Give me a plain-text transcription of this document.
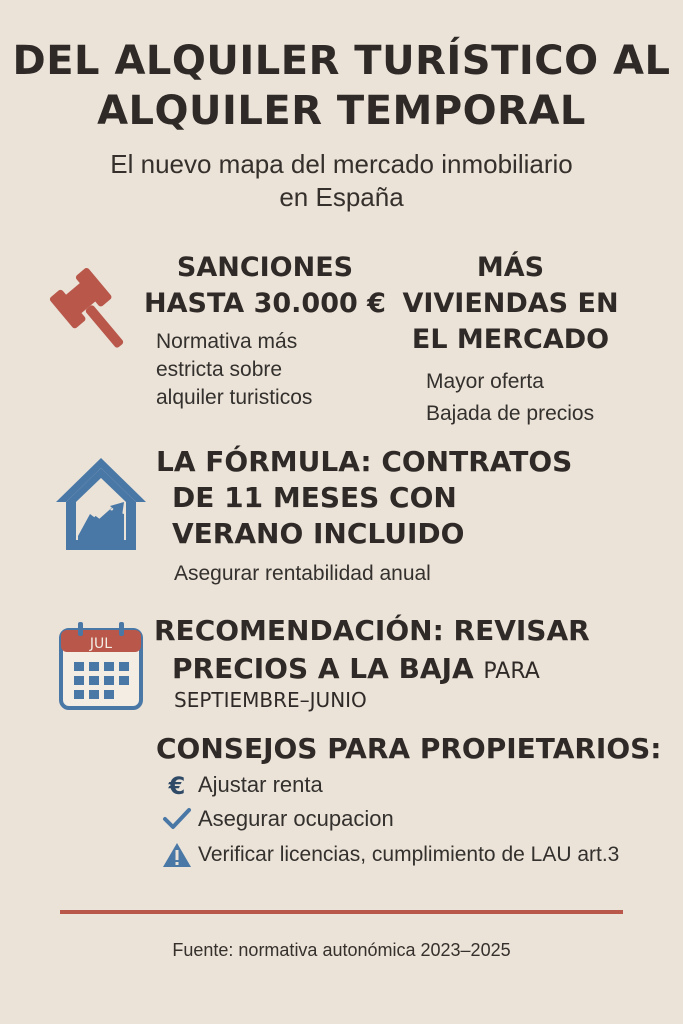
DEL ALQUILER TURÍSTICO AL
ALQUILER TEMPORAL

El nuevo mapa del mercado inmobiliario
en España

SANCIONES
HASTA 30.000 €
Normativa más
estricta sobre
alquiler turisticos
MÁS
VIVIENDAS EN
EL MERCADO
Mayor oferta
Bajada de precios
LA FÓRMULA: CONTRATOS
DE 11 MESES CON
VERANO INCLUIDO
Asegurar rentabilidad anual
JUL RECOMENDACIÓN: REVISAR
PRECIOS A LA BAJA PARA
SEPTIEMBRE–JUNIO
CONSEJOS PARA PROPIETARIOS:
€ Ajustar renta
Asegurar ocupacion
Verificar licencias, cumplimiento de LAU art.3
Fuente: normativa autonómica 2023–2025
